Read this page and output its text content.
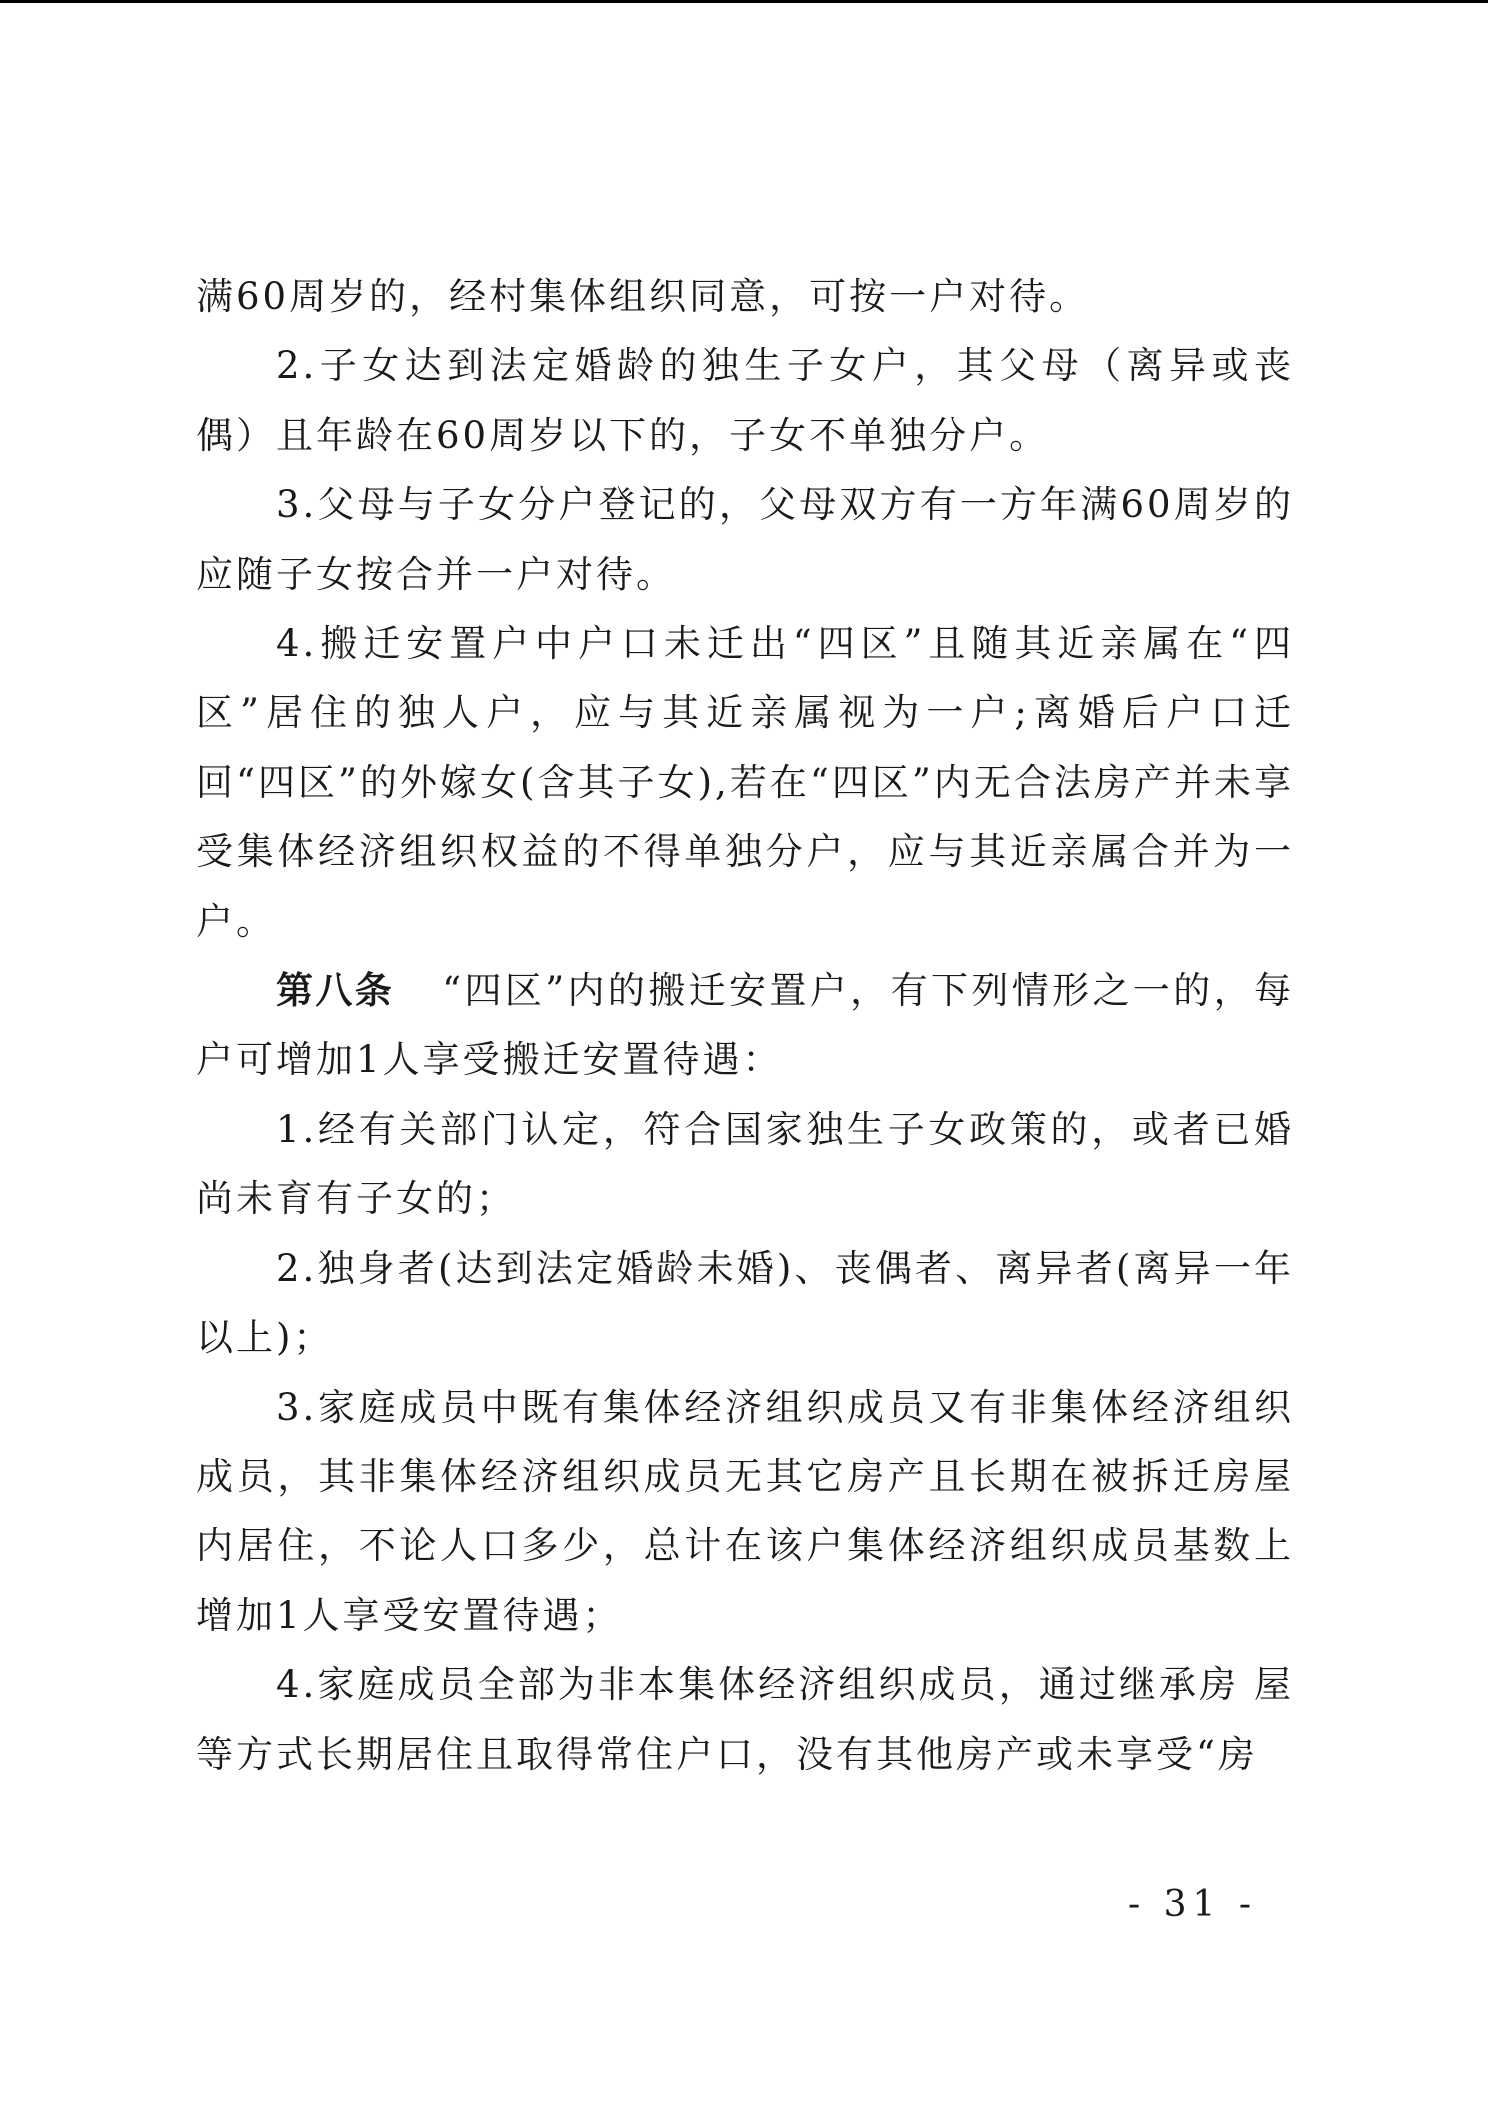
满60周岁的，经村集体组织同意，可按一户对待。

2.子女达到法定婚龄的独生子女户，其父母（离异或丧偶）且年龄在60周岁以下的，子女不单独分户。

3.父母与子女分户登记的，父母双方有一方年满60周岁的应随子女按合并一户对待。

4.搬迁安置户中户口未迁出“四区”且随其近亲属在“四区”居住的独人户，应与其近亲属视为一户;离婚后户口迁回“四区”的外嫁女(含其子女),若在“四区”内无合法房产并未享受集体经济组织权益的不得单独分户，应与其近亲属合并为一户。

第八条 “四区”内的搬迁安置户，有下列情形之一的，每户可增加1人享受搬迁安置待遇：

1.经有关部门认定，符合国家独生子女政策的，或者已婚尚未育有子女的；

2.独身者(达到法定婚龄未婚)、丧偶者、离异者(离异一年以上)；

3.家庭成员中既有集体经济组织成员又有非集体经济组织成员，其非集体经济组织成员无其它房产且长期在被拆迁房屋内居住，不论人口多少，总计在该户集体经济组织成员基数上增加1人享受安置待遇；

4.家庭成员全部为非本集体经济组织成员，通过继承房 屋等方式长期居住且取得常住户口，没有其他房产或未享受“房

- 31 -
